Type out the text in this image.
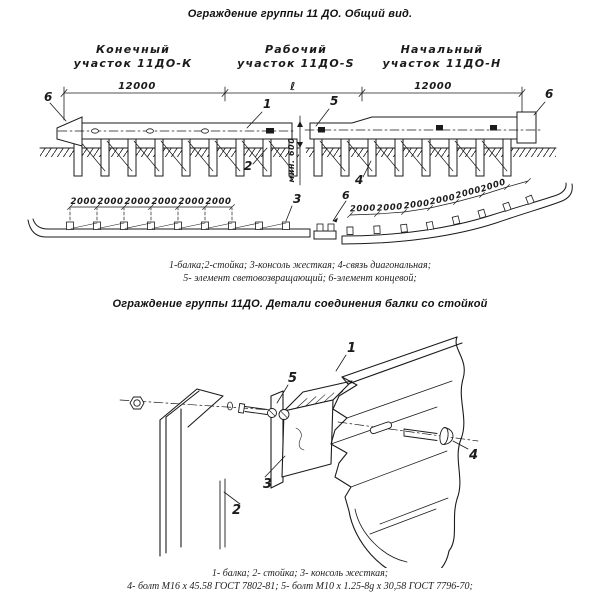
Ограждение группы 11 ДО. Общий вид.
Конечный
участок 11ДО-К
Рабочий
участок 11ДО-S
Начальный
участок 11ДО-Н
12000	ℓ	12000
мин. 600
6	1	5	6
2
4
2000 2000 2000 2000 2000 2000	3
2000 2000 2000
2000
2000
2000
6
1-балка;2-стойка; 3-консоль жесткая; 4-связь диагональная;
5- элемент световозвращающий; 6-элемент концевой;
Ограждение группы 11ДО. Детали соединения балки со стойкой
1
5
4
3
2
1- балка; 2- стойка; 3- консоль жесткая;
4- болт М16 х 45.58 ГОСТ 7802-81; 5- болт М10 х 1.25-8g х 30,58 ГОСТ 7796-70;
